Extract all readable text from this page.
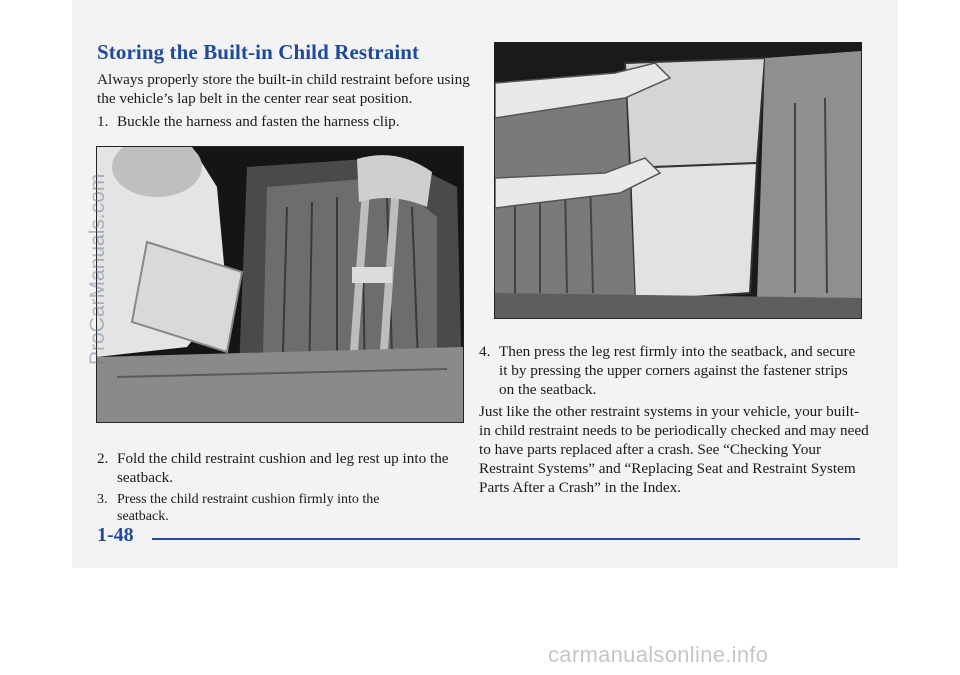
Storing the Built-in Child Restraint

Always properly store the built-in child restraint before using the vehicle’s lap belt in the center rear seat position.

1. Buckle the harness and fasten the harness clip.
2. Fold the child restraint cushion and leg rest up into the seatback.
3. Press the child restraint cushion firmly into the seatback.
4. Then press the leg rest firmly into the seatback, and secure it by pressing the upper corners against the fastener strips on the seatback.

Just like the other restraint systems in your vehicle, your built-in child restraint needs to be periodically checked and may need to have parts replaced after a crash. See “Checking Your Restraint Systems” and “Replacing Seat and Restraint System Parts After a Crash” in the Index.

1-48
ProCarManuals.com
carmanualsonline.info
